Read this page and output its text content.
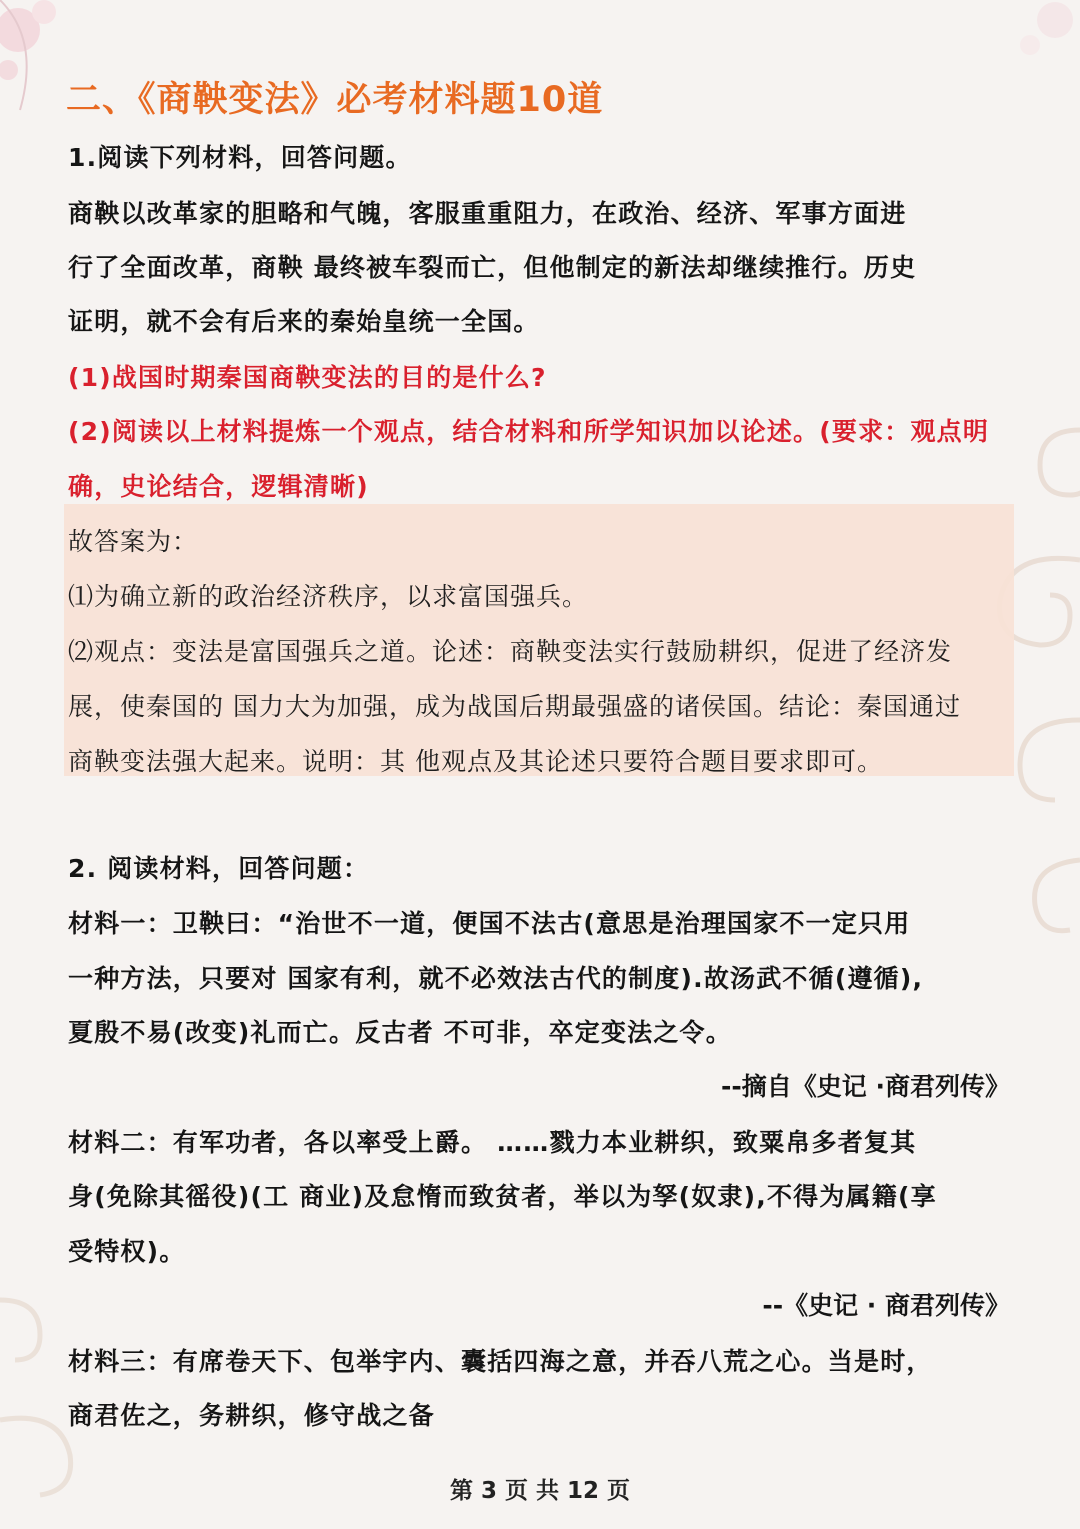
二、《商鞅变法》必考材料题10道
1.阅读下列材料，回答问题。
商鞅以改革家的胆略和气魄，客服重重阻力，在政治、经济、军事方面进
行了全面改革，商鞅 最终被车裂而亡，但他制定的新法却继续推行。历史
证明，就不会有后来的秦始皇统一全国。
(1)战国时期秦国商鞅变法的目的是什么?
(2)阅读以上材料提炼一个观点，结合材料和所学知识加以论述。(要求：观点明
确，史论结合，逻辑清晰)
故答案为：
⑴为确立新的政治经济秩序，以求富国强兵。
⑵观点：变法是富国强兵之道。论述：商鞅变法实行鼓励耕织，促进了经济发
展，使秦国的 国力大为加强，成为战国后期最强盛的诸侯国。结论：秦国通过
商鞅变法强大起来。说明：其 他观点及其论述只要符合题目要求即可。
2. 阅读材料，回答问题：
材料一：卫鞅曰：“治世不一道，便国不法古(意思是治理国家不一定只用
一种方法，只要对 国家有利，就不必效法古代的制度).故汤武不循(遵循),
夏殷不易(改变)礼而亡。反古者 不可非，卒定变法之令。
--摘自《史记 ·商君列传》
材料二：有军功者，各以率受上爵。 ……戮力本业耕织，致粟帛多者复其
身(免除其徭役)(工 商业)及怠惰而致贫者，举以为孥(奴隶),不得为属籍(享
受特权)。
--《史记 · 商君列传》
材料三：有席卷天下、包举宇内、囊括四海之意，并吞八荒之心。当是时，
商君佐之，务耕织，修守战之备
第 3 页 共 12 页
